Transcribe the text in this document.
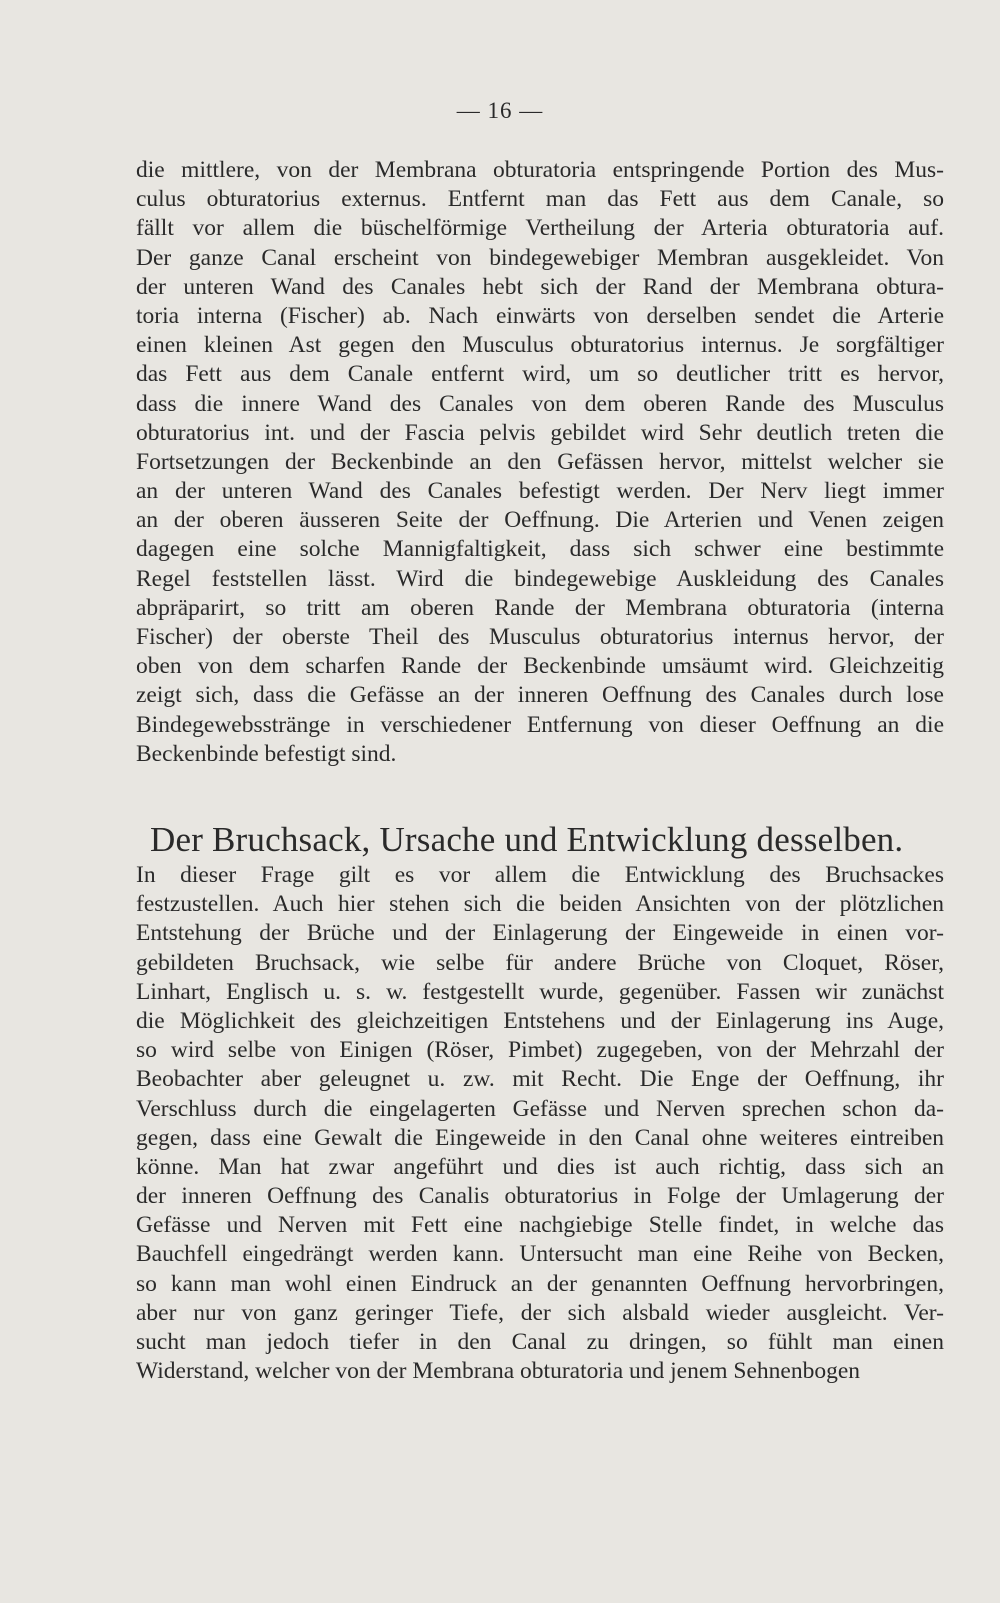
— 16 —
die mittlere, von der Membrana obturatoria entspringende Portion des Mus-
culus obturatorius externus. Entfernt man das Fett aus dem Canale, so
fällt vor allem die büschelförmige Vertheilung der Arteria obturatoria auf.
Der ganze Canal erscheint von bindegewebiger Membran ausgekleidet. Von
der unteren Wand des Canales hebt sich der Rand der Membrana obtura-
toria interna (Fischer) ab. Nach einwärts von derselben sendet die Arterie
einen kleinen Ast gegen den Musculus obturatorius internus. Je sorgfältiger
das Fett aus dem Canale entfernt wird, um so deutlicher tritt es hervor,
dass die innere Wand des Canales von dem oberen Rande des Musculus
obturatorius int. und der Fascia pelvis gebildet wird Sehr deutlich treten die
Fortsetzungen der Beckenbinde an den Gefässen hervor, mittelst welcher sie
an der unteren Wand des Canales befestigt werden. Der Nerv liegt immer
an der oberen äusseren Seite der Oeffnung. Die Arterien und Venen zeigen
dagegen eine solche Mannigfaltigkeit, dass sich schwer eine bestimmte
Regel feststellen lässt. Wird die bindegewebige Auskleidung des Canales
abpräparirt, so tritt am oberen Rande der Membrana obturatoria (interna
Fischer) der oberste Theil des Musculus obturatorius internus hervor, der
oben von dem scharfen Rande der Beckenbinde umsäumt wird. Gleichzeitig
zeigt sich, dass die Gefässe an der inneren Oeffnung des Canales durch lose
Bindegewebsstränge in verschiedener Entfernung von dieser Oeffnung an die
Beckenbinde befestigt sind.
Der Bruchsack, Ursache und Entwicklung desselben.
In dieser Frage gilt es vor allem die Entwicklung des Bruchsackes
festzustellen. Auch hier stehen sich die beiden Ansichten von der plötzlichen
Entstehung der Brüche und der Einlagerung der Eingeweide in einen vor-
gebildeten Bruchsack, wie selbe für andere Brüche von Cloquet, Röser,
Linhart, Englisch u. s. w. festgestellt wurde, gegenüber. Fassen wir zunächst
die Möglichkeit des gleichzeitigen Entstehens und der Einlagerung ins Auge,
so wird selbe von Einigen (Röser, Pimbet) zugegeben, von der Mehrzahl der
Beobachter aber geleugnet u. zw. mit Recht. Die Enge der Oeffnung, ihr
Verschluss durch die eingelagerten Gefässe und Nerven sprechen schon da-
gegen, dass eine Gewalt die Eingeweide in den Canal ohne weiteres eintreiben
könne. Man hat zwar angeführt und dies ist auch richtig, dass sich an
der inneren Oeffnung des Canalis obturatorius in Folge der Umlagerung der
Gefässe und Nerven mit Fett eine nachgiebige Stelle findet, in welche das
Bauchfell eingedrängt werden kann. Untersucht man eine Reihe von Becken,
so kann man wohl einen Eindruck an der genannten Oeffnung hervorbringen,
aber nur von ganz geringer Tiefe, der sich alsbald wieder ausgleicht. Ver-
sucht man jedoch tiefer in den Canal zu dringen, so fühlt man einen
Widerstand, welcher von der Membrana obturatoria und jenem Sehnenbogen
